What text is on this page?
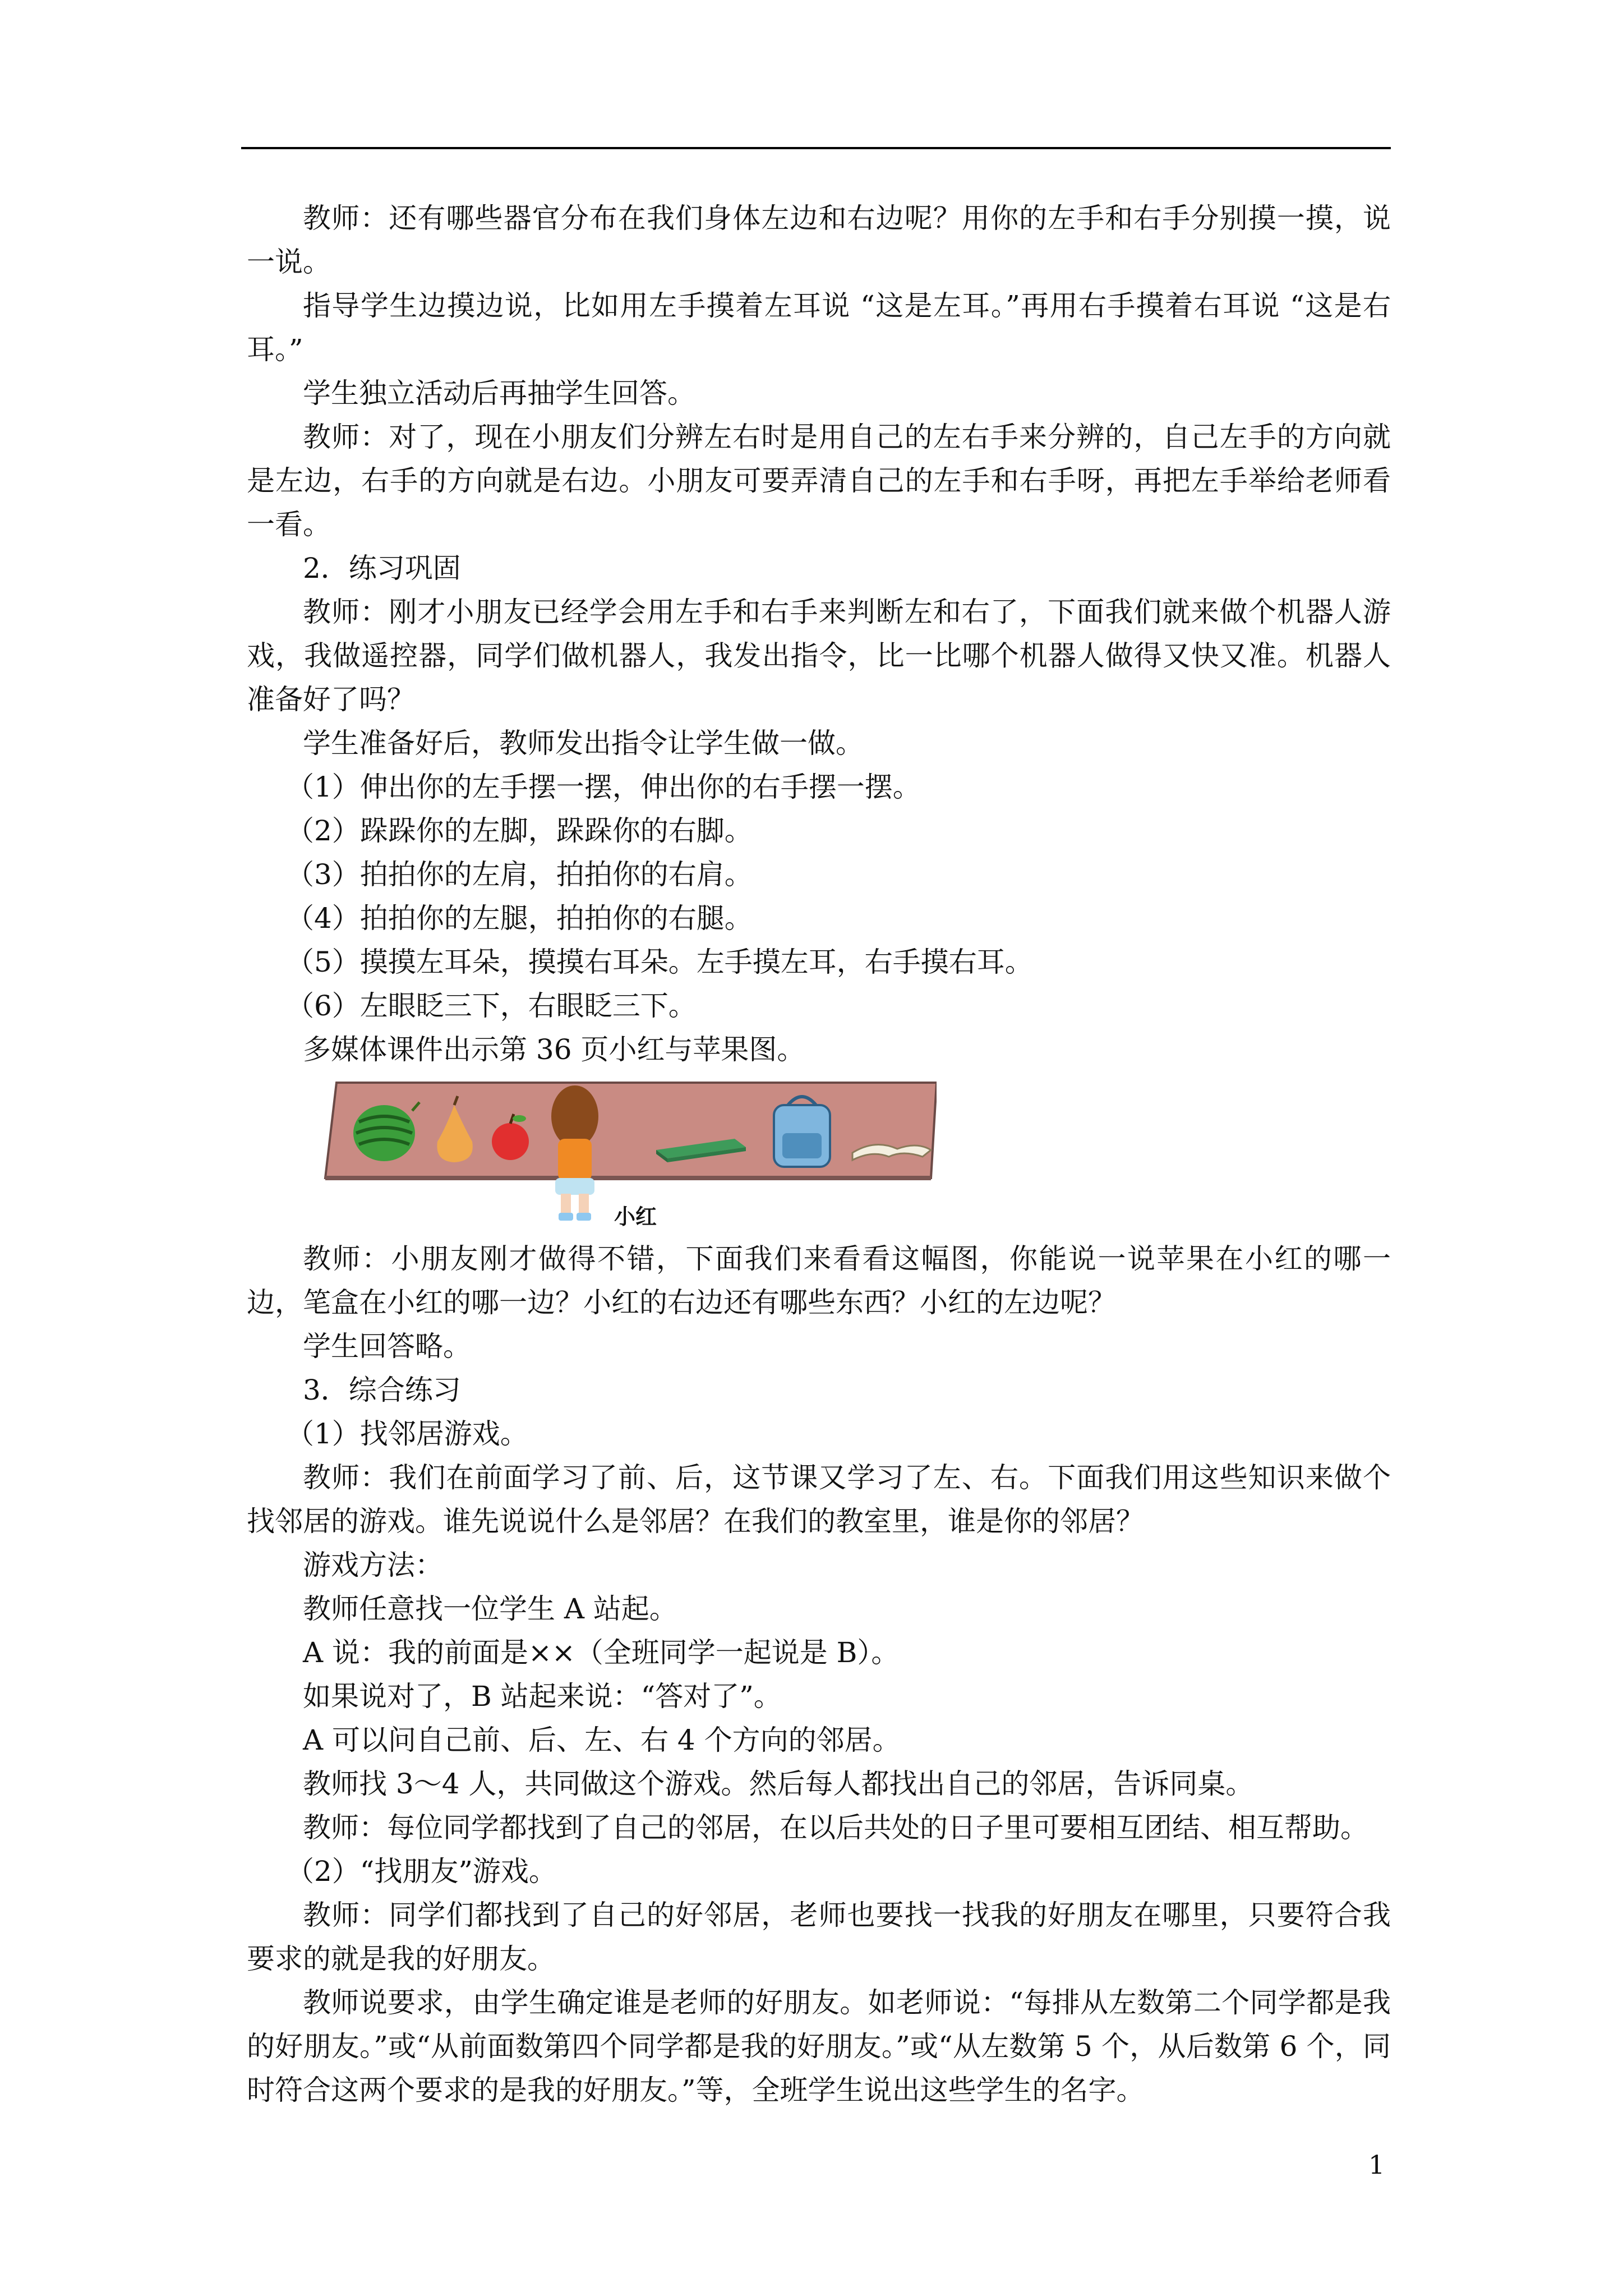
教师：还有哪些器官分布在我们身体左边和右边呢？用你的左手和右手分别摸一摸，说一说。

指导学生边摸边说，比如用左手摸着左耳说 “这是左耳。”再用右手摸着右耳说 “这是右耳。”

学生独立活动后再抽学生回答。

教师：对了，现在小朋友们分辨左右时是用自己的左右手来分辨的，自己左手的方向就是左边，右手的方向就是右边。小朋友可要弄清自己的左手和右手呀，再把左手举给老师看一看。

2．练习巩固

教师：刚才小朋友已经学会用左手和右手来判断左和右了，下面我们就来做个机器人游戏，我做遥控器，同学们做机器人，我发出指令，比一比哪个机器人做得又快又准。机器人准备好了吗？

学生准备好后，教师发出指令让学生做一做。

（1）伸出你的左手摆一摆，伸出你的右手摆一摆。

（2）跺跺你的左脚，跺跺你的右脚。

（3）拍拍你的左肩，拍拍你的右肩。

（4）拍拍你的左腿，拍拍你的右腿。

（5）摸摸左耳朵，摸摸右耳朵。左手摸左耳，右手摸右耳。

（6）左眼眨三下，右眼眨三下。

多媒体课件出示第 36 页小红与苹果图。

小红

教师：小朋友刚才做得不错，下面我们来看看这幅图，你能说一说苹果在小红的哪一边，笔盒在小红的哪一边？小红的右边还有哪些东西？小红的左边呢？

学生回答略。

3．综合练习

（1）找邻居游戏。

教师：我们在前面学习了前、后，这节课又学习了左、右。下面我们用这些知识来做个找邻居的游戏。谁先说说什么是邻居？在我们的教室里，谁是你的邻居？

游戏方法：

教师任意找一位学生 A 站起。

A 说：我的前面是××（全班同学一起说是 B）。

如果说对了，B 站起来说：“答对了”。

A 可以问自己前、后、左、右 4 个方向的邻居。

教师找 3～4 人，共同做这个游戏。然后每人都找出自己的邻居，告诉同桌。

教师：每位同学都找到了自己的邻居，在以后共处的日子里可要相互团结、相互帮助。

（2）“找朋友”游戏。

教师：同学们都找到了自己的好邻居，老师也要找一找我的好朋友在哪里，只要符合我要求的就是我的好朋友。

教师说要求，由学生确定谁是老师的好朋友。如老师说：“每排从左数第二个同学都是我的好朋友。”或“从前面数第四个同学都是我的好朋友。”或“从左数第 5 个，从后数第 6 个，同时符合这两个要求的是我的好朋友。”等，全班学生说出这些学生的名字。

1
